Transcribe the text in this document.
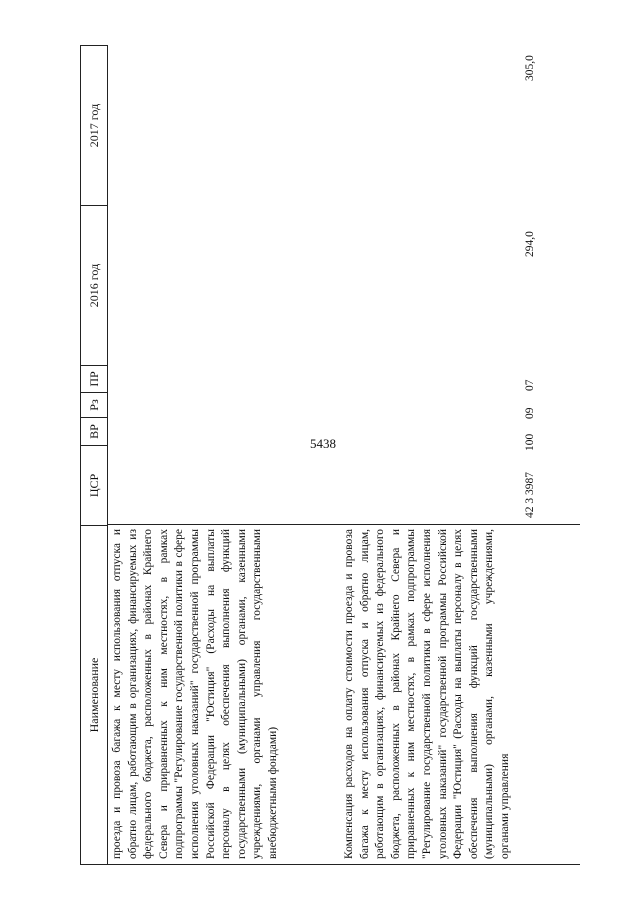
5438
Наименование
ЦСР
ВР
Рз
ПР
2016 год
2017 год
проезда и провоза багажа к месту использования отпуска и обратно лицам, работающим в организациях, финансируемых из федерального бюджета, расположенных в районах Крайнего Севера и приравненных к ним местностях, в рамках подпрограммы "Регулирование государственной политики в сфере исполнения уголовных наказаний" государственной программы Российской Федерации "Юстиция" (Расходы на выплаты персоналу в целях обеспечения выполнения функций государственными (муниципальными) органами, казенными учреждениями, органами управления государственными внебюджетными фондами)	Компенсация расходов на оплату стоимости проезда и провоза багажа к месту использования отпуска и обратно лицам, работающим в организациях, финансируемых из федерального бюджета, расположенных в районах Крайнего Севера и приравненных к ним местностях, в рамках подпрограммы "Регулирование государственной политики в сфере исполнения уголовных наказаний" государственной программы Российской Федерации "Юстиция" (Расходы на выплаты персоналу в целях обеспечения выполнения функций государственными (муниципальными) органами, казенными учреждениями, органами управления
42 3 3987
100
09
07
294,0
305,0
